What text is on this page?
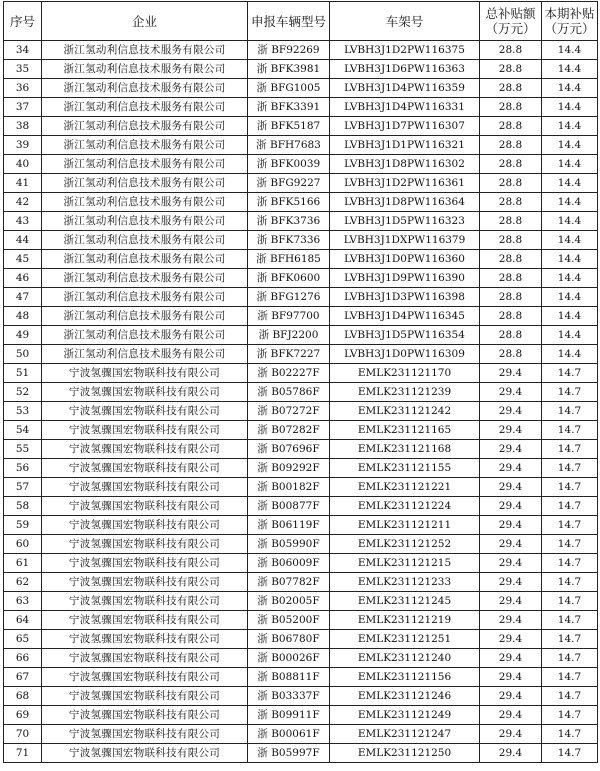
序号	企业	申报车辆型号	车架号	总补贴额（万元）	本期补贴（万元）
34	浙江氢动利信息技术服务有限公司	浙 BF92269	LVBH3J1D2PW116375	28.8	14.4
35	浙江氢动利信息技术服务有限公司	浙 BFK3981	LVBH3J1D6PW116363	28.8	14.4
36	浙江氢动利信息技术服务有限公司	浙 BFG1005	LVBH3J1D4PW116359	28.8	14.4
37	浙江氢动利信息技术服务有限公司	浙 BFK3391	LVBH3J1D4PW116331	28.8	14.4
38	浙江氢动利信息技术服务有限公司	浙 BFK5187	LVBH3J1D7PW116307	28.8	14.4
39	浙江氢动利信息技术服务有限公司	浙 BFH7683	LVBH3J1D1PW116321	28.8	14.4
40	浙江氢动利信息技术服务有限公司	浙 BFK0039	LVBH3J1D8PW116302	28.8	14.4
41	浙江氢动利信息技术服务有限公司	浙 BFG9227	LVBH3J1D2PW116361	28.8	14.4
42	浙江氢动利信息技术服务有限公司	浙 BFK5166	LVBH3J1D8PW116364	28.8	14.4
43	浙江氢动利信息技术服务有限公司	浙 BFK3736	LVBH3J1D5PW116323	28.8	14.4
44	浙江氢动利信息技术服务有限公司	浙 BFK7336	LVBH3J1DXPW116379	28.8	14.4
45	浙江氢动利信息技术服务有限公司	浙 BFH6185	LVBH3J1D0PW116360	28.8	14.4
46	浙江氢动利信息技术服务有限公司	浙 BFK0600	LVBH3J1D9PW116390	28.8	14.4
47	浙江氢动利信息技术服务有限公司	浙 BFG1276	LVBH3J1D3PW116398	28.8	14.4
48	浙江氢动利信息技术服务有限公司	浙 BF97700	LVBH3J1D4PW116345	28.8	14.4
49	浙江氢动利信息技术服务有限公司	浙 BFJ2200	LVBH3J1D5PW116354	28.8	14.4
50	浙江氢动利信息技术服务有限公司	浙 BFK7227	LVBH3J1D0PW116309	28.8	14.4
51	宁波氢骤国宏物联科技有限公司	浙 B02227F	EMLK231121170	29.4	14.7
52	宁波氢骤国宏物联科技有限公司	浙 B05786F	EMLK231121239	29.4	14.7
53	宁波氢骤国宏物联科技有限公司	浙 B07272F	EMLK231121242	29.4	14.7
54	宁波氢骤国宏物联科技有限公司	浙 B07282F	EMLK231121165	29.4	14.7
55	宁波氢骤国宏物联科技有限公司	浙 B07696F	EMLK231121168	29.4	14.7
56	宁波氢骤国宏物联科技有限公司	浙 B09292F	EMLK231121155	29.4	14.7
57	宁波氢骤国宏物联科技有限公司	浙 B00182F	EMLK231121221	29.4	14.7
58	宁波氢骤国宏物联科技有限公司	浙 B00877F	EMLK231121224	29.4	14.7
59	宁波氢骤国宏物联科技有限公司	浙 B06119F	EMLK231121211	29.4	14.7
60	宁波氢骤国宏物联科技有限公司	浙 B05990F	EMLK231121252	29.4	14.7
61	宁波氢骤国宏物联科技有限公司	浙 B06009F	EMLK231121215	29.4	14.7
62	宁波氢骤国宏物联科技有限公司	浙 B07782F	EMLK231121233	29.4	14.7
63	宁波氢骤国宏物联科技有限公司	浙 B02005F	EMLK231121245	29.4	14.7
64	宁波氢骤国宏物联科技有限公司	浙 B05200F	EMLK231121219	29.4	14.7
65	宁波氢骤国宏物联科技有限公司	浙 B06780F	EMLK231121251	29.4	14.7
66	宁波氢骤国宏物联科技有限公司	浙 B00026F	EMLK231121240	29.4	14.7
67	宁波氢骤国宏物联科技有限公司	浙 B08811F	EMLK231121156	29.4	14.7
68	宁波氢骤国宏物联科技有限公司	浙 B03337F	EMLK231121246	29.4	14.7
69	宁波氢骤国宏物联科技有限公司	浙 B09911F	EMLK231121249	29.4	14.7
70	宁波氢骤国宏物联科技有限公司	浙 B00061F	EMLK231121247	29.4	14.7
71	宁波氢骤国宏物联科技有限公司	浙 B05997F	EMLK231121250	29.4	14.7
